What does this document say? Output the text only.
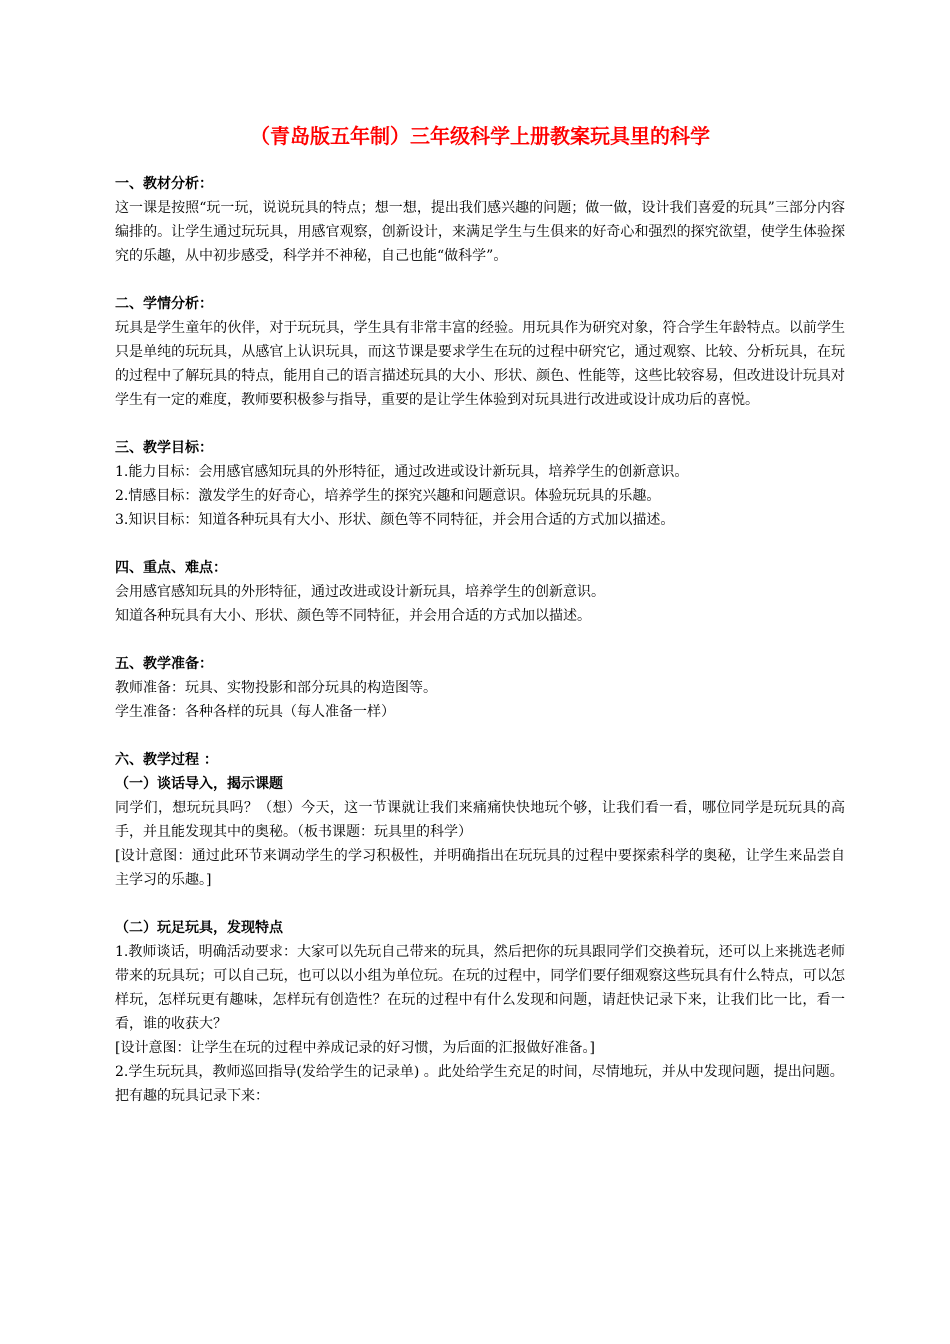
（青岛版五年制）三年级科学上册教案玩具里的科学

一、教材分析：

这一课是按照“玩一玩，说说玩具的特点；想一想，提出我们感兴趣的问题；做一做，设计我们喜爱的玩具”三部分内容编排的。让学生通过玩玩具，用感官观察，创新设计，来满足学生与生俱来的好奇心和强烈的探究欲望，使学生体验探究的乐趣，从中初步感受，科学并不神秘，自己也能“做科学”。

二、学情分析：

玩具是学生童年的伙伴，对于玩玩具，学生具有非常丰富的经验。用玩具作为研究对象，符合学生年龄特点。以前学生只是单纯的玩玩具，从感官上认识玩具，而这节课是要求学生在玩的过程中研究它，通过观察、比较、分析玩具，在玩的过程中了解玩具的特点，能用自己的语言描述玩具的大小、形状、颜色、性能等，这些比较容易，但改进设计玩具对学生有一定的难度，教师要积极参与指导，重要的是让学生体验到对玩具进行改进或设计成功后的喜悦。

三、教学目标：

1.能力目标：会用感官感知玩具的外形特征，通过改进或设计新玩具，培养学生的创新意识。

2.情感目标：激发学生的好奇心，培养学生的探究兴趣和问题意识。体验玩玩具的乐趣。

3.知识目标：知道各种玩具有大小、形状、颜色等不同特征，并会用合适的方式加以描述。

四、重点、难点：

会用感官感知玩具的外形特征，通过改进或设计新玩具，培养学生的创新意识。

知道各种玩具有大小、形状、颜色等不同特征，并会用合适的方式加以描述。

五、教学准备：

教师准备：玩具、实物投影和部分玩具的构造图等。

学生准备：各种各样的玩具（每人准备一样）

六、教学过程 ：

（一）谈话导入，揭示课题

同学们，想玩玩具吗？（想）今天，这一节课就让我们来痛痛快快地玩个够，让我们看一看，哪位同学是玩玩具的高手，并且能发现其中的奥秘。（板书课题：玩具里的科学）

[设计意图：通过此环节来调动学生的学习积极性，并明确指出在玩玩具的过程中要探索科学的奥秘，让学生来品尝自主学习的乐趣。]

（二）玩足玩具，发现特点

1.教师谈话，明确活动要求：大家可以先玩自己带来的玩具，然后把你的玩具跟同学们交换着玩，还可以上来挑选老师带来的玩具玩；可以自己玩，也可以以小组为单位玩。在玩的过程中，同学们要仔细观察这些玩具有什么特点，可以怎样玩，怎样玩更有趣味，怎样玩有创造性？在玩的过程中有什么发现和问题，请赶快记录下来，让我们比一比，看一看，谁的收获大？

[设计意图：让学生在玩的过程中养成记录的好习惯，为后面的汇报做好准备。]

2.学生玩玩具，教师巡回指导(发给学生的记录单) 。此处给学生充足的时间，尽情地玩，并从中发现问题，提出问题。

把有趣的玩具记录下来：
